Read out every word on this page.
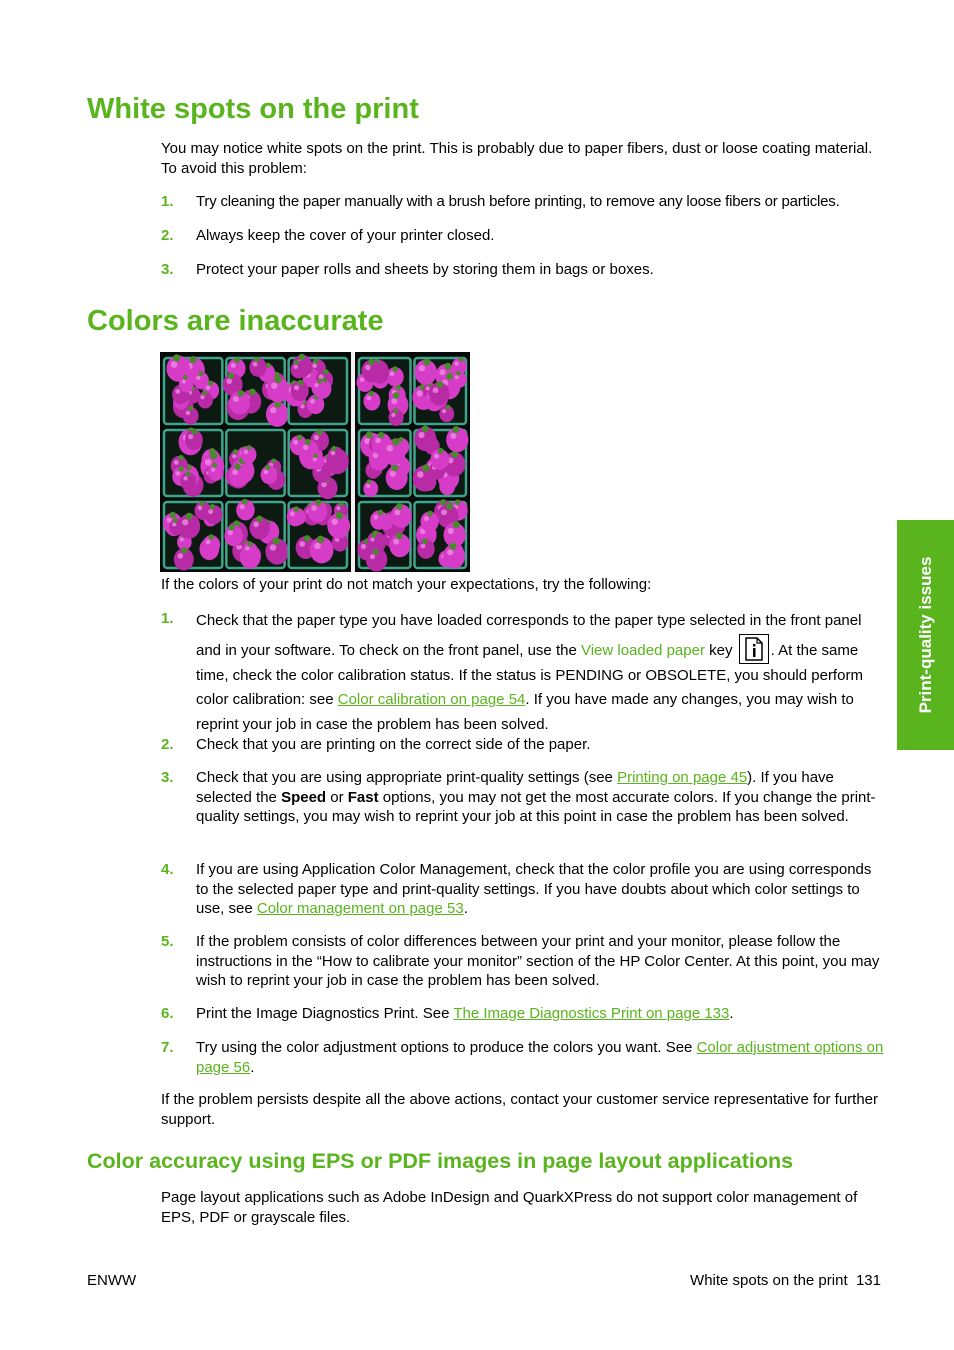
White spots on the print

You may notice white spots on the print. This is probably due to paper fibers, dust or loose coating material. To avoid this problem:

1. Try cleaning the paper manually with a brush before printing, to remove any loose fibers or particles.
2. Always keep the cover of your printer closed.
3. Protect your paper rolls and sheets by storing them in bags or boxes.
Colors are inaccurate

If the colors of your print do not match your expectations, try the following:

1. Check that the paper type you have loaded corresponds to the paper type selected in the front panel and in your software. To check on the front panel, use the View loaded paper key
. At the same time, check the color calibration status. If the status is PENDING or OBSOLETE, you should perform color calibration: see Color calibration on page 54. If you have made any changes, you may wish to reprint your job in case the problem has been solved.
2. Check that you are printing on the correct side of the paper.
3. Check that you are using appropriate print-quality settings (see Printing on page 45). If you have selected the Speed or Fast options, you may not get the most accurate colors. If you change the print-quality settings, you may wish to reprint your job at this point in case the problem has been solved.
4. If you are using Application Color Management, check that the color profile you are using corresponds to the selected paper type and print-quality settings. If you have doubts about which color settings to use, see Color management on page 53.
5. If the problem consists of color differences between your print and your monitor, please follow the instructions in the “How to calibrate your monitor” section of the HP Color Center. At this point, you may wish to reprint your job in case the problem has been solved.
6. Print the Image Diagnostics Print. See The Image Diagnostics Print on page 133.
7. Try using the color adjustment options to produce the colors you want. See Color adjustment options on page 56.

If the problem persists despite all the above actions, contact your customer service representative for further support.

Color accuracy using EPS or PDF images in page layout applications

Page layout applications such as Adobe InDesign and QuarkXPress do not support color management of EPS, PDF or grayscale files.

Print-quality issues
ENWW	White spots on the print 131
